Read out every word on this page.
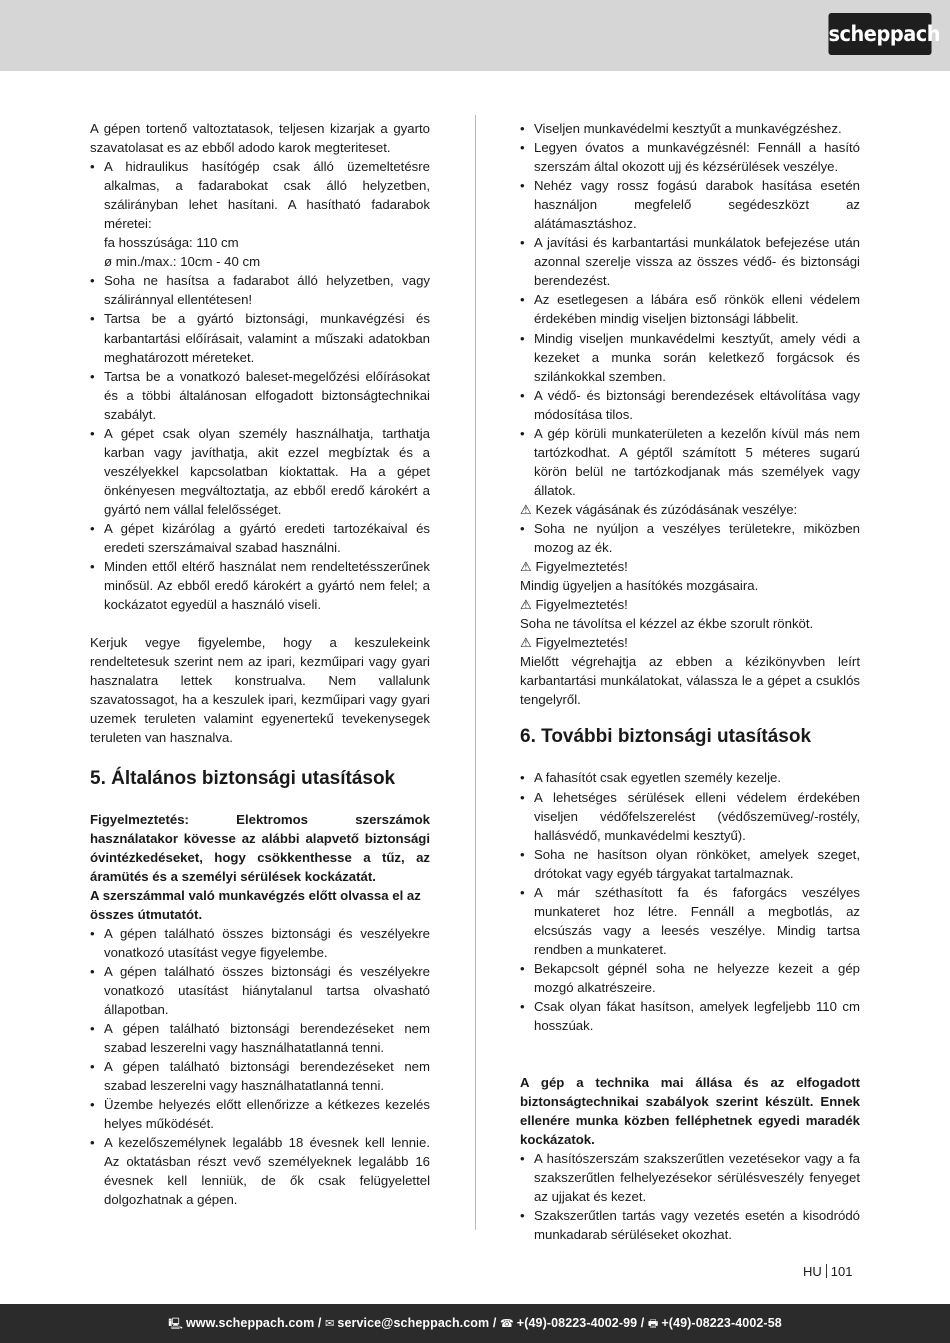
scheppach

A gépen tortenő valtoztatasok, teljesen kizarjak a gyarto szavatolasat es az ebből adodo karok megteriteset.

• A hidraulikus hasítógép csak álló üzemeltetésre alkalmas, a fadarabokat csak álló helyzetben, szálirányban lehet hasítani. A hasítható fadarabok méretei:
fa hosszúsága: 110 cm
ø min./max.: 10cm - 40 cm
• Soha ne hasítsa a fadarabot álló helyzetben, vagy száliránnyal ellentétesen!
• Tartsa be a gyártó biztonsági, munkavégzési és karbantartási előírásait, valamint a műszaki adatokban meghatározott méreteket.
• Tartsa be a vonatkozó baleset-megelőzési előírásokat és a többi általánosan elfogadott biztonságtechnikai szabályt.
• A gépet csak olyan személy használhatja, tarthatja karban vagy javíthatja, akit ezzel megbíztak és a veszélyekkel kapcsolatban kioktattak. Ha a gépet önkényesen megváltoztatja, az ebből eredő károkért a gyártó nem vállal felelősséget.
• A gépet kizárólag a gyártó eredeti tartozékaival és eredeti szerszámaival szabad használni.
• Minden ettől eltérő használat nem rendeltetésszerűnek minősül. Az ebből eredő károkért a gyártó nem felel; a kockázatot egyedül a használó viseli.

Kerjuk vegye figyelembe, hogy a keszulekeink rendeltetesuk szerint nem az ipari, kezműipari vagy gyari hasznalatra lettek konstrualva. Nem vallalunk szavatossagot, ha a keszulek ipari, kezműipari vagy gyari uzemek teruleten valamint egyenertekű tevekenysegek teruleten van hasznalva.

5. Általános biztonsági utasítások

Figyelmeztetés: Elektromos szerszámok használatakor kövesse az alábbi alapvető biztonsági óvintézkedéseket, hogy csökkenthesse a tűz, az áramütés és a személyi sérülések kockázatát.

A szerszámmal való munkavégzés előtt olvassa el az összes útmutatót.

• A gépen található összes biztonsági és veszélyekre vonatkozó utasítást vegye figyelembe.
• A gépen található összes biztonsági és veszélyekre vonatkozó utasítást hiánytalanul tartsa olvasható állapotban.
• A gépen található biztonsági berendezéseket nem szabad leszerelni vagy használhatatlanná tenni.
• A gépen található biztonsági berendezéseket nem szabad leszerelni vagy használhatatlanná tenni.
• Üzembe helyezés előtt ellenőrizze a kétkezes kezelés helyes működését.
• A kezelőszemélynek legalább 18 évesnek kell lennie. Az oktatásban részt vevő személyeknek legalább 16 évesnek kell lenniük, de ők csak felügyelettel dolgozhatnak a gépen.
• Viseljen munkavédelmi kesztyűt a munkavégzéshez.
• Legyen óvatos a munkavégzésnél: Fennáll a hasító szerszám által okozott ujj és kézsérülések veszélye.
• Nehéz vagy rossz fogású darabok hasítása esetén használjon megfelelő segédeszközt az alátámasztáshoz.
• A javítási és karbantartási munkálatok befejezése után azonnal szerelje vissza az összes védő- és biztonsági berendezést.
• Az esetlegesen a lábára eső rönkök elleni védelem érdekében mindig viseljen biztonsági lábbelit.
• Mindig viseljen munkavédelmi kesztyűt, amely védi a kezeket a munka során keletkező forgácsok és szilánkokkal szemben.
• A védő- és biztonsági berendezések eltávolítása vagy módosítása tilos.
• A gép körüli munkaterületen a kezelőn kívül más nem tartózkodhat. A géptől számított 5 méteres sugarú körön belül ne tartózkodjanak más személyek vagy állatok.

⚠ Kezek vágásának és zúzódásának veszélye:

• Soha ne nyúljon a veszélyes területekre, miközben mozog az ék.

⚠ Figyelmeztetés!

Mindig ügyeljen a hasítókés mozgásaira.

⚠ Figyelmeztetés!

Soha ne távolítsa el kézzel az ékbe szorult rönköt.

⚠ Figyelmeztetés!

Mielőtt végrehajtja az ebben a kézikönyvben leírt karbantartási munkálatokat, válassza le a gépet a csuklós tengelyről.

6. További biztonsági utasítások
• A fahasítót csak egyetlen személy kezelje.
• A lehetséges sérülések elleni védelem érdekében viseljen védőfelszerelést (védőszemüveg/-rostély, hallásvédő, munkavédelmi kesztyű).
• Soha ne hasítson olyan rönköket, amelyek szeget, drótokat vagy egyéb tárgyakat tartalmaznak.
• A már széthasított fa és faforgács veszélyes munkateret hoz létre. Fennáll a megbotlás, az elcsúszás vagy a leesés veszélye. Mindig tartsa rendben a munkateret.
• Bekapcsolt gépnél soha ne helyezze kezeit a gép mozgó alkatrészeire.
• Csak olyan fákat hasítson, amelyek legfeljebb 110 cm hosszúak.

A gép a technika mai állása és az elfogadott biztonságtechnikai szabályok szerint készült. Ennek ellenére munka közben felléphetnek egyedi maradék kockázatok.

• A hasítószerszám szakszerűtlen vezetésekor vagy a fa szakszerűtlen felhelyezésekor sérülésveszély fenyeget az ujjakat és kezet.
• Szakszerűtlen tartás vagy vezetés esetén a kisodródó munkadarab sérüléseket okozhat.
HU 101
🖳 www.scheppach.com / ✉ service@scheppach.com / ☎ +(49)-08223-4002-99 / 🖶 +(49)-08223-4002-58
